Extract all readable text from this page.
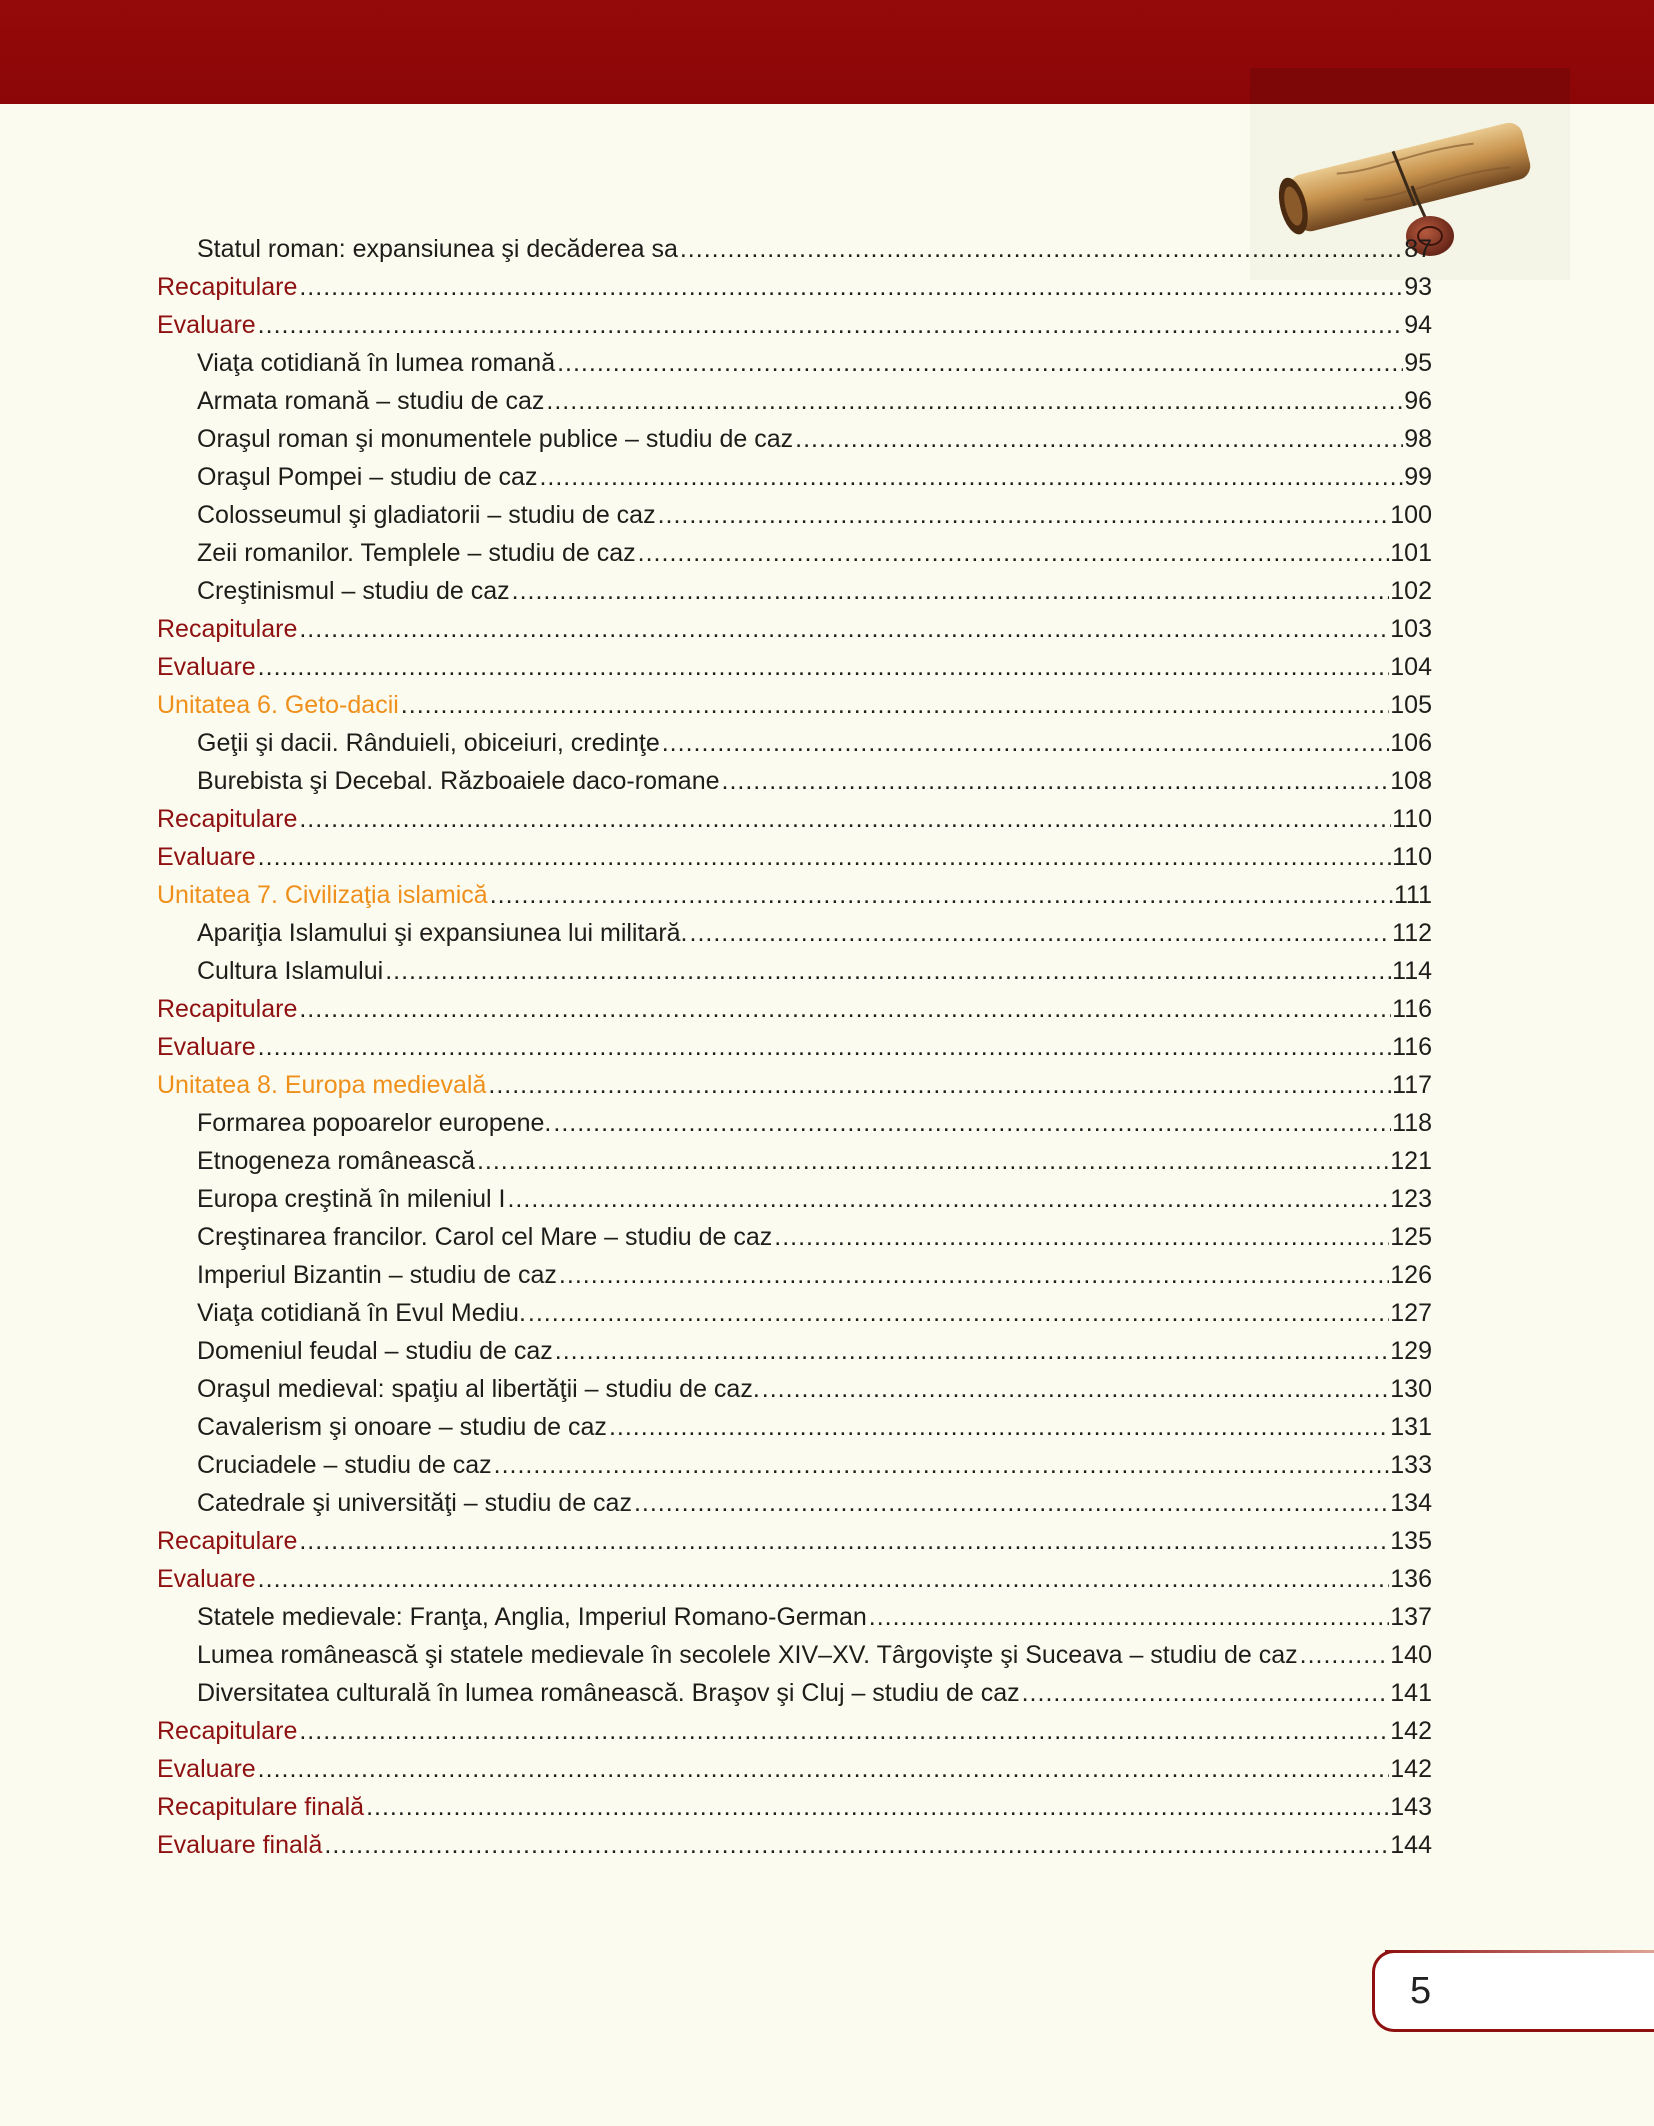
Statul roman: expansiunea şi decăderea sa .....	87
Recapitulare .....	93
Evaluare .....	94
Viaţa cotidiană în lumea romană .....	95
Armata romană – studiu de caz .....	96
Oraşul roman şi monumentele publice – studiu de caz .....	98
Oraşul Pompei – studiu de caz .....	99
Colosseumul şi gladiatorii – studiu de caz .....	100
Zeii romanilor. Templele – studiu de caz .....	101
Creştinismul – studiu de caz .....	102
Recapitulare .....	103
Evaluare .....	104
Unitatea 6. Geto-dacii .....	105
Geţii şi dacii. Rânduieli, obiceiuri, credinţe .....	106
Burebista şi Decebal. Războaiele daco-romane .....	108
Recapitulare .....	110
Evaluare .....	110
Unitatea 7. Civilizaţia islamică .....	111
Apariţia Islamului şi expansiunea lui militară. .....	112
Cultura Islamului .....	114
Recapitulare .....	116
Evaluare .....	116
Unitatea 8. Europa medievală .....	117
Formarea popoarelor europene. .....	118
Etnogeneza românească .....	121
Europa creştină în mileniul I .....	123
Creştinarea francilor. Carol cel Mare – studiu de caz .....	125
Imperiul Bizantin – studiu de caz .....	126
Viaţa cotidiană în Evul Mediu. .....	127
Domeniul feudal – studiu de caz .....	129
Oraşul medieval: spaţiu al libertăţii – studiu de caz. .....	130
Cavalerism şi onoare – studiu de caz .....	131
Cruciadele – studiu de caz .....	133
Catedrale şi universităţi – studiu de caz .....	134
Recapitulare .....	135
Evaluare .....	136
Statele medievale: Franţa, Anglia, Imperiul Romano-German .....	137
Lumea românească şi statele medievale în secolele XIV–XV. Târgovişte şi Suceava – studiu de caz .....	140
Diversitatea culturală în lumea românească. Braşov şi Cluj – studiu de caz .....	141
Recapitulare .....	142
Evaluare .....	142
Recapitulare finală .....	143
Evaluare finală .....	144
5
